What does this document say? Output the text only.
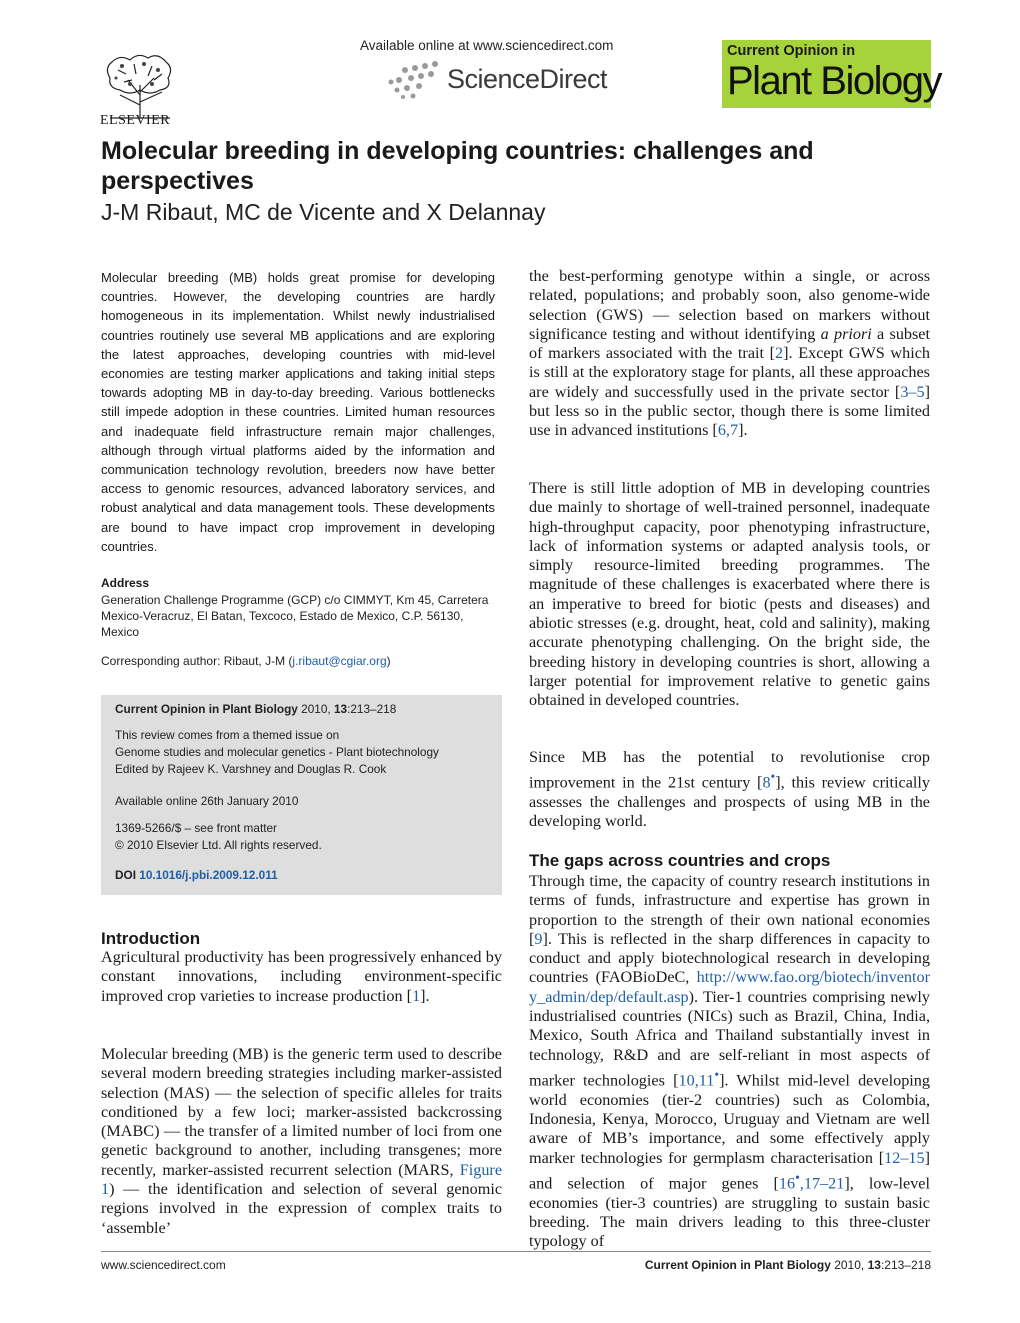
ELSEVIER
Available online at www.sciencedirect.com
ScienceDirect
Current Opinion in
Plant Biology
Molecular breeding in developing countries: challenges and perspectives
J-M Ribaut, MC de Vicente and X Delannay
Molecular breeding (MB) holds great promise for developing countries. However, the developing countries are hardly homogeneous in its implementation. Whilst newly industrialised countries routinely use several MB applications and are exploring the latest approaches, developing countries with mid-level economies are testing marker applications and taking initial steps towards adopting MB in day-to-day breeding. Various bottlenecks still impede adoption in these countries. Limited human resources and inadequate field infrastructure remain major challenges, although through virtual platforms aided by the information and communication technology revolution, breeders now have better access to genomic resources, advanced laboratory services, and robust analytical and data management tools. These developments are bound to have impact crop improvement in developing countries.
Address
Generation Challenge Programme (GCP) c/o CIMMYT, Km 45, Carretera Mexico-Veracruz, El Batan, Texcoco, Estado de Mexico, C.P. 56130, Mexico
Corresponding author: Ribaut, J-M (j.ribaut@cgiar.org)
Current Opinion in Plant Biology 2010, 13:213–218
This review comes from a themed issue on
Genome studies and molecular genetics - Plant biotechnology
Edited by Rajeev K. Varshney and Douglas R. Cook
Available online 26th January 2010
1369-5266/$ – see front matter
© 2010 Elsevier Ltd. All rights reserved.
DOI 10.1016/j.pbi.2009.12.011
Introduction
Agricultural productivity has been progressively enhanced by constant innovations, including environment-specific improved crop varieties to increase production [1].
Molecular breeding (MB) is the generic term used to describe several modern breeding strategies including marker-assisted selection (MAS) — the selection of specific alleles for traits conditioned by a few loci; marker-assisted backcrossing (MABC) — the transfer of a limited number of loci from one genetic background to another, including transgenes; more recently, marker-assisted recurrent selection (MARS, Figure 1) — the identification and selection of several genomic regions involved in the expression of complex traits to ‘assemble’
the best-performing genotype within a single, or across related, populations; and probably soon, also genome-wide selection (GWS) — selection based on markers without significance testing and without identifying a priori a subset of markers associated with the trait [2]. Except GWS which is still at the exploratory stage for plants, all these approaches are widely and successfully used in the private sector [3–5] but less so in the public sector, though there is some limited use in advanced institutions [6,7].
There is still little adoption of MB in developing countries due mainly to shortage of well-trained personnel, inadequate high-throughput capacity, poor phenotyping infrastructure, lack of information systems or adapted analysis tools, or simply resource-limited breeding programmes. The magnitude of these challenges is exacerbated where there is an imperative to breed for biotic (pests and diseases) and abiotic stresses (e.g. drought, heat, cold and salinity), making accurate phenotyping challenging. On the bright side, the breeding history in developing countries is short, allowing a larger potential for improvement relative to genetic gains obtained in developed countries.
Since MB has the potential to revolutionise crop improvement in the 21st century [8•], this review critically assesses the challenges and prospects of using MB in the developing world.
The gaps across countries and crops
Through time, the capacity of country research institutions in terms of funds, infrastructure and expertise has grown in proportion to the strength of their own national economies [9]. This is reflected in the sharp differences in capacity to conduct and apply biotechnological research in developing countries (FAOBioDeC, http://www.fao.org/biotech/inventory_admin/dep/default.asp). Tier-1 countries comprising newly industrialised countries (NICs) such as Brazil, China, India, Mexico, South Africa and Thailand substantially invest in technology, R&D and are self-reliant in most aspects of marker technologies [10,11•]. Whilst mid-level developing world economies (tier-2 countries) such as Colombia, Indonesia, Kenya, Morocco, Uruguay and Vietnam are well aware of MB’s importance, and some effectively apply marker technologies for germplasm characterisation [12–15] and selection of major genes [16•,17–21], low-level economies (tier-3 countries) are struggling to sustain basic breeding. The main drivers leading to this three-cluster typology of
www.sciencedirect.com	Current Opinion in Plant Biology 2010, 13:213–218
